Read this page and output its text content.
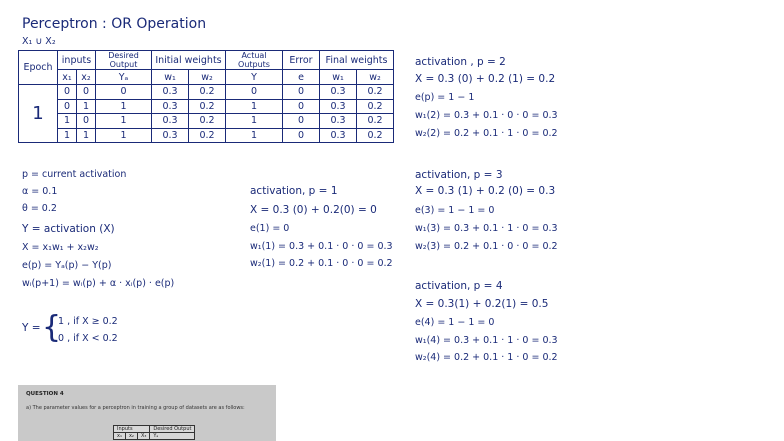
Perceptron : OR Operation
X₁ ∪ X₂
Epoch	inputs		Desired Output	Initial weights		Actual Outputs	Error	Final weights	
	x₁	x₂	Yₐ	w₁	w₂	Y	e	w₁	w₂
1	0	0	0	0.3	0.2	0	0	0.3	0.2
	0	1	1	0.3	0.2	1	0	0.3	0.2
	1	0	1	0.3	0.2	1	0	0.3	0.2
	1	1	1	0.3	0.2	1	0	0.3	0.2
p = current activation
α = 0.1
θ = 0.2
Y = activation (X)
X = x₁w₁ + x₂w₂
e(p) = Yₐ(p) − Y(p)
wᵢ(p+1) = wᵢ(p) + α · xᵢ(p) · e(p)
Y = {
1 , if X ≥ 0.2
0 , if X < 0.2
activation, p = 1
X = 0.3 (0) + 0.2(0) = 0
e(1) = 0
w₁(1) = 0.3 + 0.1 · 0 · 0 = 0.3
w₂(1) = 0.2 + 0.1 · 0 · 0 = 0.2
activation , p = 2
X = 0.3 (0) + 0.2 (1) = 0.2
e(p) = 1 − 1
w₁(2) = 0.3 + 0.1 · 0 · 0 = 0.3
w₂(2) = 0.2 + 0.1 · 1 · 0 = 0.2
activation, p = 3
X = 0.3 (1) + 0.2 (0) = 0.3
e(3) = 1 − 1 = 0
w₁(3) = 0.3 + 0.1 · 1 · 0 = 0.3
w₂(3) = 0.2 + 0.1 · 0 · 0 = 0.2
activation, p = 4
X = 0.3(1) + 0.2(1) = 0.5
e(4) = 1 − 1 = 0
w₁(4) = 0.3 + 0.1 · 1 · 0 = 0.3
w₂(4) = 0.2 + 0.1 · 1 · 0 = 0.2
QUESTION 4
a) The parameter values for a perceptron in training a group of datasets are as follows:
Inputs			Desired Output
x₁	x₂	X₃	Yₐ
